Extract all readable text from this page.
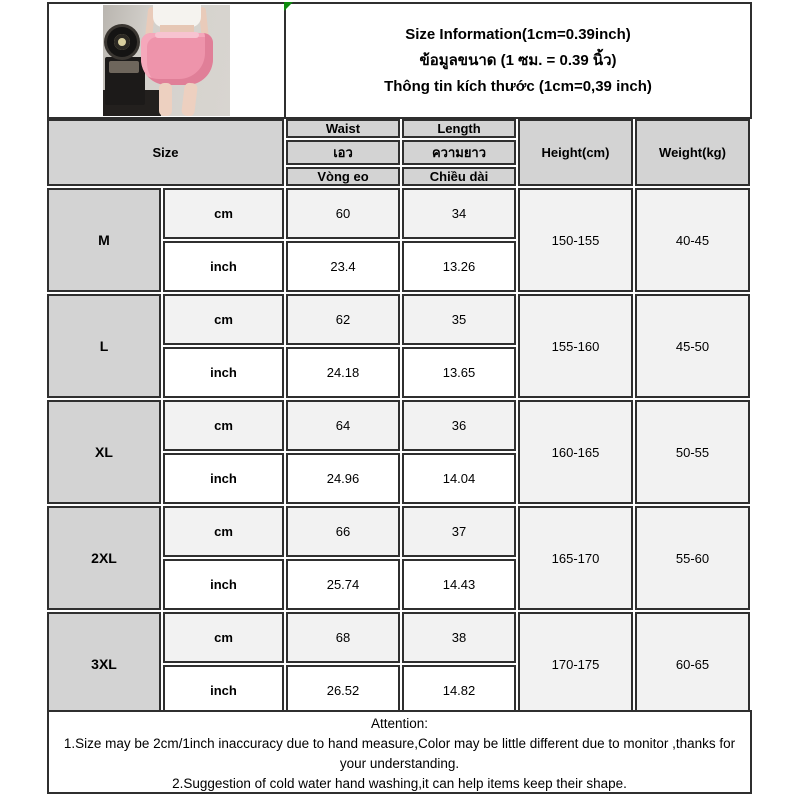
Size Information(1cm=0.39inch)
ข้อมูลขนาด (1 ซม. = 0.39 นิ้ว)
Thông tin kích thước (1cm=0,39 inch)
Size		Waist	Length	Height(cm)	Weight(kg)
		เอว	ความยาว		
		Vòng eo	Chiều dài		
M	cm	60	34	150-155	40-45
	inch	23.4	13.26		
L	cm	62	35	155-160	45-50
	inch	24.18	13.65		
XL	cm	64	36	160-165	50-55
	inch	24.96	14.04		
2XL	cm	66	37	165-170	55-60
	inch	25.74	14.43		
3XL	cm	68	38	170-175	60-65
	inch	26.52	14.82		
Attention:
1.Size may be 2cm/1inch inaccuracy due to hand measure,Color may be little different due to monitor ,thanks for your understanding.
2.Suggestion of cold water hand washing,it can help items keep their shape.
